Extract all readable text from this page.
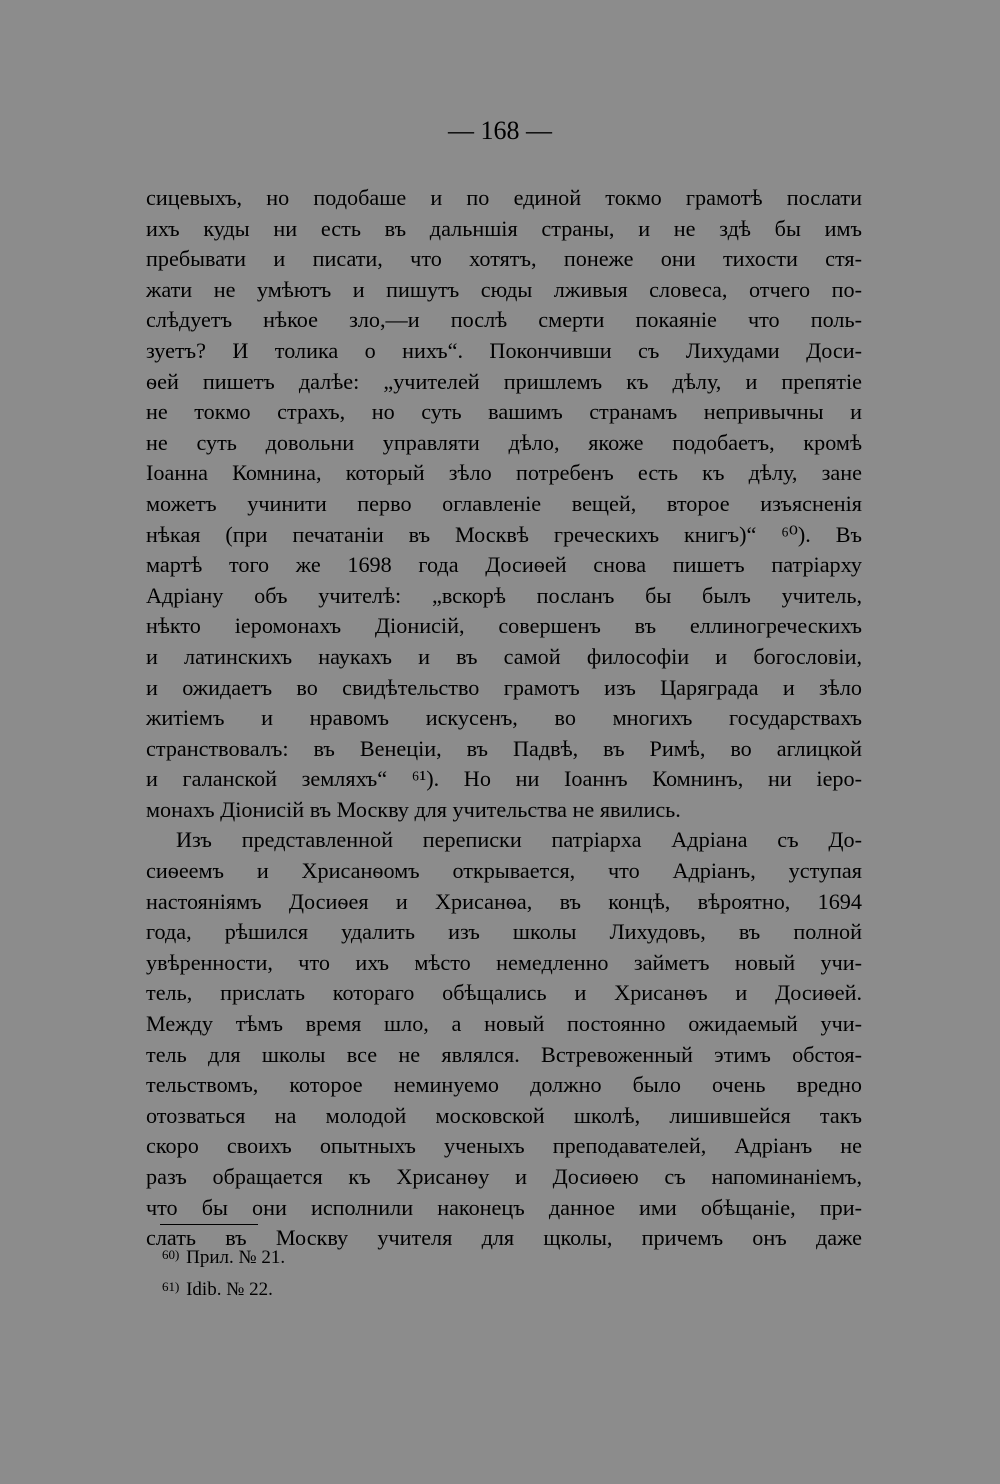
— 168 —
сицевыхъ, но подобаше и по единой токмо грамотѣ послати
ихъ куды ни есть въ дальншія страны, и не здѣ бы имъ
пребывати и писати, что хотятъ, понеже они тихости стя-
жати не умѣютъ и пишутъ сюды лживыя словеса, отчего по-
слѣдуетъ нѣкое зло,—и послѣ смерти покаяніе что поль-
зуетъ? И толика о нихъ“. Покончивши съ Лихудами Доси-
ѳей пишетъ далѣе: „учителей пришлемъ къ дѣлу, и препятіе
не токмо страхъ, но суть вашимъ странамъ непривычны и
не суть довольни управляти дѣло, якоже подобаетъ, кромѣ
Іоанна Комнина, который зѣло потребенъ есть къ дѣлу, зане
можетъ учинити перво оглавленіе вещей, второе изъясненія
нѣкая (при печатаніи въ Москвѣ греческихъ книгъ)“ ⁶⁰). Въ
мартѣ того же 1698 года Досиѳей снова пишетъ патріарху
Адріану объ учителѣ: „вскорѣ посланъ бы былъ учитель,
нѣкто іеромонахъ Діонисій, совершенъ въ еллиногреческихъ
и латинскихъ наукахъ и въ самой философіи и богословіи,
и ожидаетъ во свидѣтельство грамотъ изъ Царяграда и зѣло
житіемъ и нравомъ искусенъ, во многихъ государствахъ
странствовалъ: въ Венеціи, въ Падвѣ, въ Римѣ, во аглицкой
и галанской земляхъ“ ⁶¹). Но ни Іоаннъ Комнинъ, ни іеро-
монахъ Діонисій въ Москву для учительства не явились.
Изъ представленной переписки патріарха Адріана съ До-
сиѳеемъ и Хрисанѳомъ открывается, что Адріанъ, уступая
настояніямъ Досиѳея и Хрисанѳа, въ концѣ, вѣроятно, 1694
года, рѣшился удалить изъ школы Лихудовъ, въ полной
увѣренности, что ихъ мѣсто немедленно займетъ новый учи-
тель, прислать котораго обѣщались и Хрисанѳъ и Досиѳей.
Между тѣмъ время шло, а новый постоянно ожидаемый учи-
тель для школы все не являлся. Встревоженный этимъ обстоя-
тельствомъ, которое неминуемо должно было очень вредно
отозваться на молодой московской школѣ, лишившейся такъ
скоро своихъ опытныхъ ученыхъ преподавателей, Адріанъ не
разъ обращается къ Хрисанѳу и Досиѳею съ напоминаніемъ,
что бы они исполнили наконецъ данное ими обѣщаніе, при-
слать въ Москву учителя для щколы, причемъ онъ даже
$^{60)}$ Прил. № 21.
$^{61)}$ Idib. № 22.
